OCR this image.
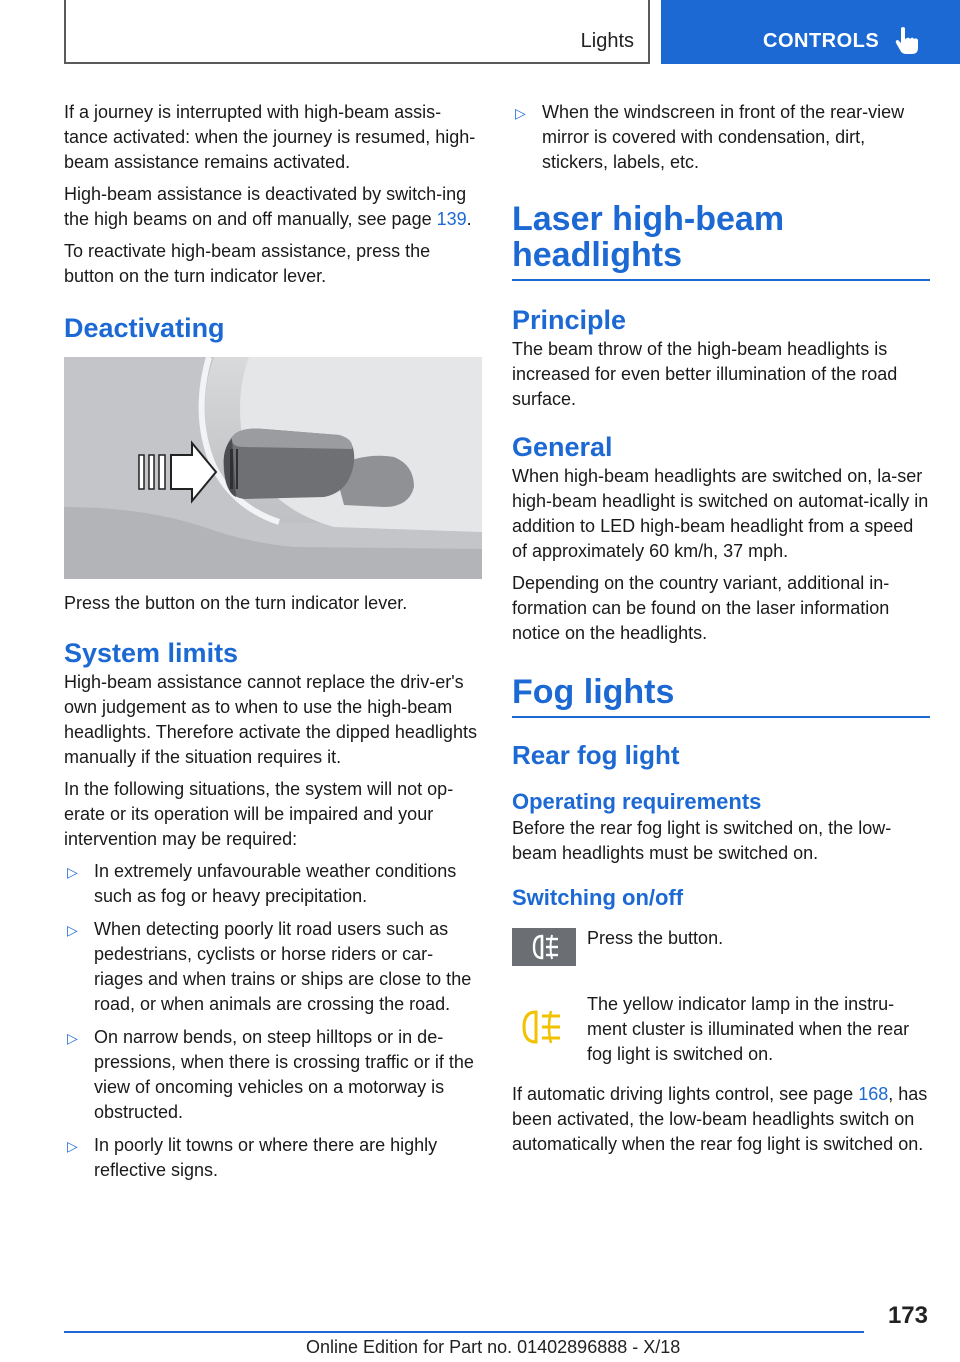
Lights	CONTROLS

If a journey is interrupted with high-beam assis-tance activated: when the journey is resumed, high-beam assistance remains activated.

High-beam assistance is deactivated by switch-ing the high beams on and off manually, see page 139.

To reactivate high-beam assistance, press the button on the turn indicator lever.

Deactivating

Press the button on the turn indicator lever.

System limits

High-beam assistance cannot replace the driv-er's own judgement as to when to use the high-beam headlights. Therefore activate the dipped headlights manually if the situation requires it.

In the following situations, the system will not op-erate or its operation will be impaired and your intervention may be required:

▷ In extremely unfavourable weather conditions such as fog or heavy precipitation.
▷ When detecting poorly lit road users such as pedestrians, cyclists or horse riders or car-riages and when trains or ships are close to the road, or when animals are crossing the road.
▷ On narrow bends, on steep hilltops or in de-pressions, when there is crossing traffic or if the view of oncoming vehicles on a motorway is obstructed.
▷ In poorly lit towns or where there are highly reflective signs.
▷ When the windscreen in front of the rear-view mirror is covered with condensation, dirt, stickers, labels, etc.
Laser high-beam headlights
Principle

The beam throw of the high-beam headlights is increased for even better illumination of the road surface.

General

When high-beam headlights are switched on, la-ser high-beam headlight is switched on automat-ically in addition to LED high-beam headlight from a speed of approximately 60 km/h, 37 mph.

Depending on the country variant, additional in-formation can be found on the laser information notice on the headlights.

Fog lights
Rear fog light
Operating requirements

Before the rear fog light is switched on, the low-beam headlights must be switched on.

Switching on/off

Press the button.

The yellow indicator lamp in the instru-ment cluster is illuminated when the rear fog light is switched on.

If automatic driving lights control, see page 168, has been activated, the low-beam headlights switch on automatically when the rear fog light is switched on.

173
Online Edition for Part no. 01402896888 - X/18
